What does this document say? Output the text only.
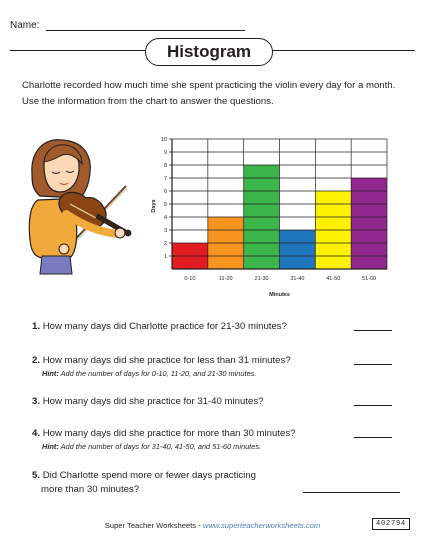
Name:
Histogram
Charlotte recorded how much time she spent practicing the violin every day for a month. Use the information from the chart to answer the questions.
1
2
3
4
5
6
7
8
9
10
0-10	11-20	21-30	31-40	41-50	51-60
Minutes
Days
1. How many days did Charlotte practice for 21-30 minutes?
2. How many days did she practice for less than 31 minutes?
Hint: Add the number of days for 0-10, 11-20, and 21-30 minutes.
3. How many days did she practice for 31-40 minutes?
4. How many days did she practice for more than 30 minutes?
Hint: Add the number of days for 31-40, 41-50, and 51-60 minutes.
5. Did Charlotte spend more or fewer days practicing
more than 30 minutes?
Super Teacher Worksheets - www.superteacherworksheets.com	402794
